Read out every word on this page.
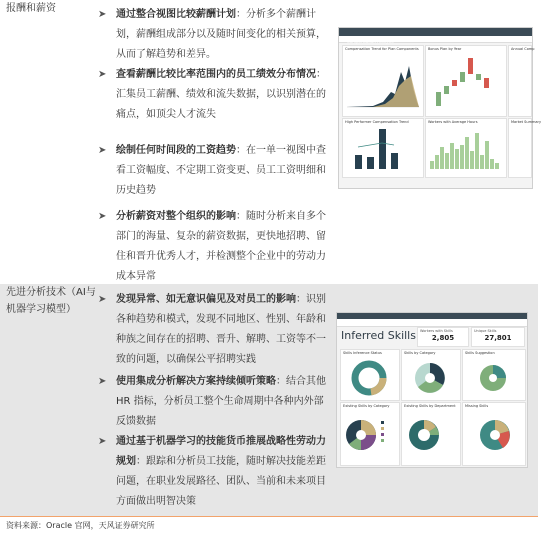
报酬和薪资
➤ 通过整合视图比较薪酬计划：分析多个薪酬计划，薪酬组成部分以及随时间变化的相关预算，从而了解趋势和差异。
➤ 查看薪酬比较比率范围内的员工绩效分布情况：汇集员工薪酬、绩效和流失数据，以识别潜在的痛点，如顶尖人才流失
➤ 绘制任何时间段的工资趋势：在一单一视图中查看工资幅度、不定期工资变更、员工工资明细和历史趋势
➤ 分析薪资对整个组织的影响：随时分析来自多个部门的海量、复杂的薪资数据，更快地招聘、留住和晋升优秀人才，并检测整个企业中的劳动力成本异常
Compensation Analysis
Compensation Trend for Plan Components	Bonus Plan by Year	Annual Comp
High Performer Compensation Trend	Workers with Average Hours	Market Summary
先进分析技术（AI与机器学习模型）
➤ 发现异常、如无意识偏见及对员工的影响：识别各种趋势和模式，发现不同地区、性别、年龄和种族之间存在的招聘、晋升、解聘、工资等不一致的问题，以确保公平招聘实践
➤ 使用集成分析解决方案持续倾听策略：结合其他 HR 指标，分析员工整个生命周期中各种内外部反馈数据
➤ 通过基于机器学习的技能货币推展战略性劳动力规划：跟踪和分析员工技能，随时解决技能差距问题，在职业发展路径、团队、当前和未来项目方面做出明智决策
Inferred Skills	Workers with Skills
2,805
Unique Skills
27,801
Skills Inference Status	Skills by Category	Skills Suggestion
Existing Skills by Category	Existing Skills by Department	Missing Skills
资料来源：Oracle 官网，天风证券研究所
